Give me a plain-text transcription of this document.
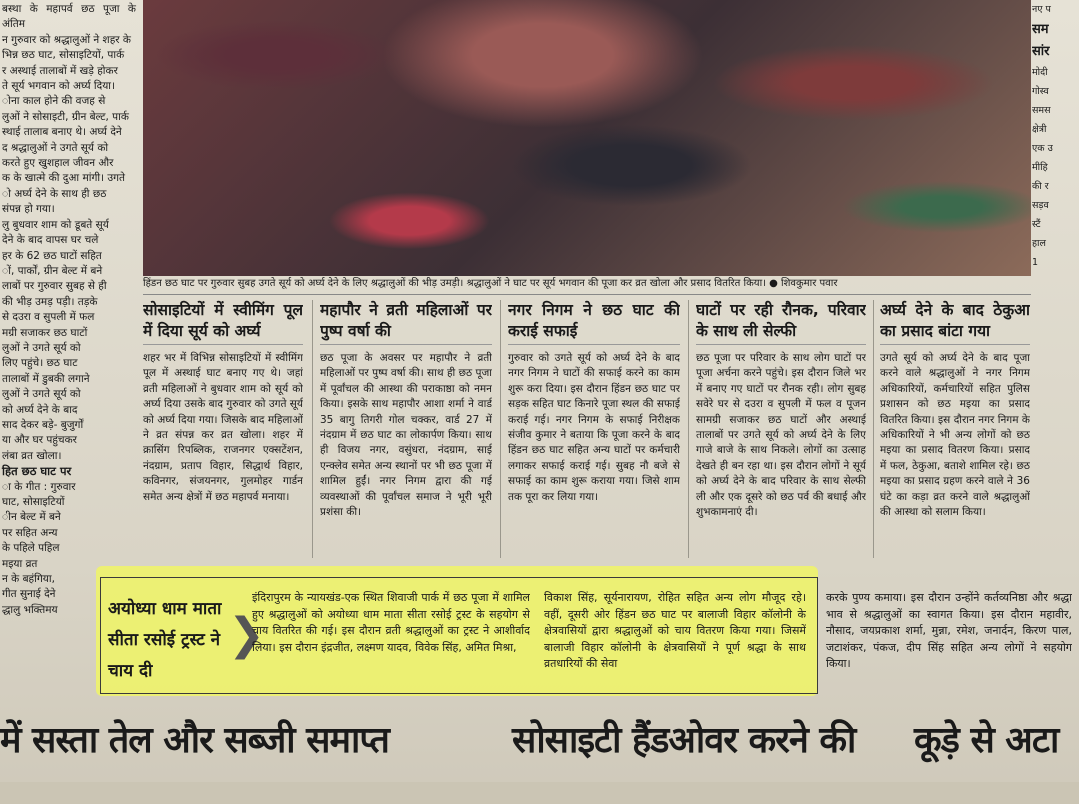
बस्था के महापर्व छठ पूजा के अंतिम
न गुरुवार को श्रद्धालुओं ने शहर के
भिन्न छठ घाट, सोसाइटियों, पार्क
र अस्थाई तालाबों में खड़े होकर
ते सूर्य भगवान को अर्घ्य दिया।
ोना काल होने की वजह से
लुओं ने सोसाइटी, ग्रीन बेल्ट, पार्क
स्थाई तालाब बनाए थे। अर्घ्य देने
द श्रद्धालुओं ने उगते सूर्य को
करते हुए खुशहाल जीवन और
क के खात्मे की दुआ मांगी। उगते
ो अर्घ्य देने के साथ ही छठ
संपन्न हो गया।
लु बुधवार शाम को डूबते सूर्य
देने के बाद वापस घर चले
हर के 62 छठ घाटों सहित
ों, पार्कों, ग्रीन बेल्ट में बने
लाबों पर गुरुवार सुबह से ही
की भीड़ उमड़ पड़ी। तड़के
से दउरा व सुपली में फल
मग्री सजाकर छठ घाटों
लुओं ने उगते सूर्य को
लिए पहुंचे। छठ घाट
तालाबों में डुबकी लगाने
लुओं ने उगते सूर्य को
को अर्घ्य देने के बाद
साद देकर बड़े- बुजुर्गों
या और घर पहुंचकर
लंबा व्रत खोला।
हित छठ घाट पर
ा के गीत : गुरुवार
घाट, सोसाइटियों
ीन बेल्ट में बने
पर सहित अन्य
के पहिले पहिल
मइया व्रत
न के बहंगिया,
गीत सुनाई देने
द्धालु भक्तिमय
हिंडन छठ घाट पर गुरुवार सुबह उगते सूर्य को अर्घ्य देने के लिए श्रद्धालुओं की भीड़ उमड़ी। श्रद्धालुओं ने घाट पर सूर्य भगवान की पूजा कर व्रत खोला और प्रसाद वितरित किया। ● शिवकुमार पवार
सोसाइटियों में स्वीमिंग पूल में दिया सूर्य को अर्घ्य
शहर भर में विभिन्न सोसाइटियों में स्वीमिंग पूल में अस्थाई घाट बनाए गए थे। जहां व्रती महिलाओं ने बुधवार शाम को सूर्य को अर्घ्य दिया उसके बाद गुरुवार को उगते सूर्य को अर्घ्य दिया गया। जिसके बाद महिलाओं ने व्रत संपन्न कर व्रत खोला। शहर में क्रासिंग रिपब्लिक, राजनगर एक्सटेंशन, नंदग्राम, प्रताप विहार, सिद्धार्थ विहार, कविनगर, संजयनगर, गुलमोहर गार्डन समेत अन्य क्षेत्रों में छठ महापर्व मनाया।
महापौर ने व्रती महिलाओं पर पुष्प वर्षा की
छठ पूजा के अवसर पर महापौर ने व्रती महिलाओं पर पुष्प वर्षा की। साथ ही छठ पूजा में पूर्वांचल की आस्था की पराकाष्ठा को नमन किया। इसके साथ महापौर आशा शर्मा ने वार्ड 35 बागु तिगरी गोल चक्कर, वार्ड 27 में नंदग्राम में छठ घाट का लोकार्पण किया। साथ ही विजय नगर, वसुंधरा, नंदग्राम, साई एन्क्लेव समेत अन्य स्थानों पर भी छठ पूजा में शामिल हुईं। नगर निगम द्वारा की गई व्यवस्थाओं की पूर्वांचल समाज ने भूरी भूरी प्रशंसा की।
नगर निगम ने छठ घाट की कराई सफाई
गुरुवार को उगते सूर्य को अर्घ्य देने के बाद नगर निगम ने घाटों की सफाई करने का काम शुरू करा दिया। इस दौरान हिंडन छठ घाट पर सड़क सहित घाट किनारे पूजा स्थल की सफाई कराई गई। नगर निगम के सफाई निरीक्षक संजीव कुमार ने बताया कि पूजा करने के बाद हिंडन छठ घाट सहित अन्य घाटों पर कर्मचारी लगाकर सफाई कराई गई। सुबह नौ बजे से सफाई का काम शुरू कराया गया। जिसे शाम तक पूरा कर लिया गया।
घाटों पर रही रौनक, परिवार के साथ ली सेल्फी
छठ पूजा पर परिवार के साथ लोग घाटों पर पूजा अर्चना करने पहुंचे। इस दौरान जिले भर में बनाए गए घाटों पर रौनक रही। लोग सुबह सवेरे घर से दउरा व सुपली में फल व पूजन सामग्री सजाकर छठ घाटों और अस्थाई तालाबों पर उगते सूर्य को अर्घ्य देने के लिए गाजे बाजे के साथ निकले। लोगों का उत्साह देखते ही बन रहा था। इस दौरान लोगों ने सूर्य को अर्घ्य देने के बाद परिवार के साथ सेल्फी ली और एक दूसरे को छठ पर्व की बधाई और शुभकामनाएं दी।
अर्घ्य देने के बाद ठेकुआ का प्रसाद बांटा गया
उगते सूर्य को अर्घ्य देने के बाद पूजा करने वाले श्रद्धालुओं ने नगर निगम अधिकारियों, कर्मचारियों सहित पुलिस प्रशासन को छठ मइया का प्रसाद वितरित किया। इस दौरान नगर निगम के अधिकारियों ने भी अन्य लोगों को छठ मइया का प्रसाद वितरण किया। प्रसाद में फल, ठेकुआ, बताशे शामिल रहे। छठ मइया का प्रसाद ग्रहण करने वाले ने 36 घंटे का कड़ा व्रत करने वाले श्रद्धालुओं की आस्था को सलाम किया।
नए प
सम
सांर
मोदी
गोस्व
समस
क्षेत्री
एक उ
मीहि
की र
सड़व
स्टैं
हाल
1
अयोध्या धाम माता सीता रसोई ट्रस्ट ने चाय दी
❯
इंदिरापुरम के न्यायखंड-एक स्थित शिवाजी पार्क में छठ पूजा में शामिल हुए श्रद्धालुओं को अयोध्या धाम माता सीता रसोई ट्रस्ट के सहयोग से चाय वितरित की गई। इस दौरान व्रती श्रद्धालुओं का ट्रस्ट ने आशीर्वाद लिया। इस दौरान इंद्रजीत, लक्ष्मण यादव, विवेक सिंह, अमित मिश्रा,
विकाश सिंह, सूर्यनारायण, रोहित सहित अन्य लोग मौजूद रहे। वहीं, दूसरी ओर हिंडन छठ घाट पर बालाजी विहार कॉलोनी के क्षेत्रवासियों द्वारा श्रद्धालुओं को चाय वितरण किया गया। जिसमें बालाजी विहार कॉलोनी के क्षेत्रवासियों ने पूर्ण श्रद्धा के साथ व्रतधारियों की सेवा
करके पुण्य कमाया। इस दौरान उन्होंने कर्तव्यनिष्ठा और श्रद्धा भाव से श्रद्धालुओं का स्वागत किया। इस दौरान महावीर, नौसाद, जयप्रकाश शर्मा, मुन्ना, रमेश, जनार्दन, किरण पाल, जटाशंकर, पंकज, दीप सिंह सहित अन्य लोगों ने सहयोग किया।
में सस्ता तेल और सब्जी समाप्त	सोसाइटी हैंडओवर करने की कूड़े से अटा
